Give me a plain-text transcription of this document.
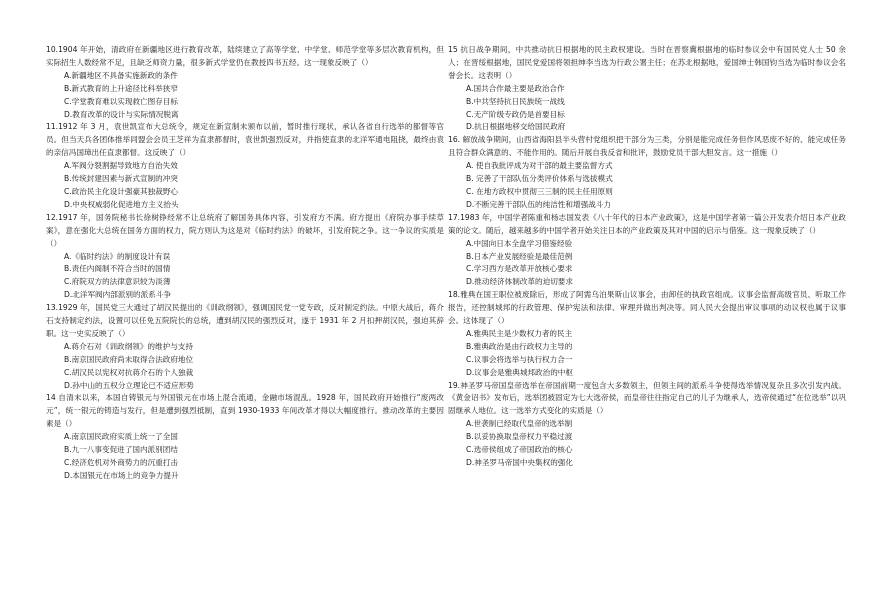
10.1904 年开始，清政府在新疆地区进行教育改革，陆续建立了高等学堂、中学堂、师范学堂等多层次教育机构，但实际招生人数经常不足，且缺乏师资力量，很多新式学堂仍在教授四书五经。这一现象反映了（）

A.新疆地区不具备实施新政的条件

B.新式教育的上升途径比科举狭窄

C.学堂教育难以实现救亡图存目标

D.教育改革的设计与实际情况脱离

11.1912 年 3 月，袁世凯宣布大总统令，规定在新宣制未颁布以前，暂时推行现状，承认各省自行选举的都督等官员。但当天兵各团体推举同盟会会员王芝祥为直隶都督时，袁世凯强烈反对，并指使直隶的北洋军通电阻挠，最终由袁的亲信冯国璋出任直隶都督。这反映了（）

A.军阀分裂割据导致地方自治失效

B.传统封建因素与新式宣制的冲突

C.政治民主化设计强豪其独裁野心

D.中央权威弱化促进地方主义抬头

12.1917 年，国务院秘书长徐树铮经常不让总统府了解国务具体内容，引发府方不满。府方提出《府院办事手续草案》，意在强化大总统在国务方面的权力，院方则认为这是对《临时约法》的破坏，引发府院之争。这一争议的实质是（）

A.《临时约法》的制度设计有误

B.责任内阁制不符合当时的国情

C.府院双方的法律意识较为淡薄

D.北洋军阀内部派别的派系斗争

13.1929 年，国民党三大通过了胡汉民提出的《训政纲领》，强调国民党一党专政，反对制定约法。中原大战后，蒋介石支持制定约法，设置可以任免五院院长的总统，遭到胡汉民的强烈反对，遂于 1931 年 2 月扣押胡汉民，强迫其辞职。这一史实反映了（）

A.蒋介石对《训政纲领》的维护与支持

B.南京国民政府尚未取得合法政府地位

C.胡汉民以宪权对抗蒋介石的个人独裁

D.孙中山的五权分立理论已不适应形势

14 自清末以来，本国自铸银元与外国银元在市场上混合流通，金融市场混乱。1928 年，国民政府开始推行“废两改元”，统一银元的铸造与发行，但是遭到强烈抵制，直到 1930-1933 年间改革才得以大幅度推行。推动改革的主要因素是（）

A.南京国民政府实质上统一了全国

B.九一八事变促进了国内派别团结

C.经济危机对外商势力的沉重打击

D.本国银元在市场上的竞争力提升

15 抗日战争期间，中共推动抗日根据地的民主政权建设。当时在晋察冀根据地的临时参议会中有国民党人士 50 余人；在晋绥根据地，国民党爱国将领担绅李当选为行政公署主任；在苏北根据地，爱国绅士韩国钧当选为临时参议会名誉会长。这表明（）

A.国共合作最主要是政治合作

B.中共坚持抗日民族统一战线

C.无产阶级专政仍是首要目标

D.抗日根据地移交给国民政府

16. 解放战争期间，山西省海阳县半头营村党组织把干部分为三类，分别是能完成任务但作风恶废不好的、能完成任务且符合群众满意的、不能作用的。随后开展自我反省和批评，鼓励党员干部大胆发言。这一措施（）

A. 使自我批评成为对干部的最主要监督方式

B. 完善了干部队伍分类评价体系与选拔模式

C. 在地方政权中贯彻三三制的民主任用原则

D.不断完善干部队伍的纯洁性和增强战斗力

17.1983 年，中国学者陈重和杨志国发表《八十年代的日本产业政策》，这是中国学者第一篇公开发表介绍日本产业政策的论文。随后，越来越多的中国学者开始关注日本的产业政策及其对中国的启示与借鉴。这一现象反映了（）

A.中国向日本全盘学习借鉴经验

B.日本产业发展经验是最佳范例

C.学习西方是改革开放核心要求

D.推动经济体制改革的迫切要求

18.雅典在国王职位被废除后，形成了阿需乌泊果斯山议事会，由卸任的执政官组成。议事会监督高级官员、听取工作报告，还控制城邦的行政管理、保护宪法和法律、审理并做出判决等。同人民大会提出审议事项的动议权也属于议事会。这体现了（）

A.雅典民主是少数权力者的民主

B.雅典政治是由行政权力主导的

C.议事会将选举与执行权力合一

D.议事会是雅典城邦政治的中枢

19.神圣罗马帝国皇帝选举在帝国前期一度包含大多数领主，但领主间的派系斗争使得选举情况复杂且多次引发内战。《黄金诏书》发布后，选举团被固定为七大选帝侯，而皇帝往往指定自己的儿子为继承人，选帝侯通过“在位选举”以巩固继承人地位。这一选举方式变化的实质是（）

A.世袭制已经取代皇帝的选举制

B.以妥协换取皇帝权力平稳过渡

C.选帝侯组成了帝国政治的核心

D.神圣罗马帝国中央集权的强化
